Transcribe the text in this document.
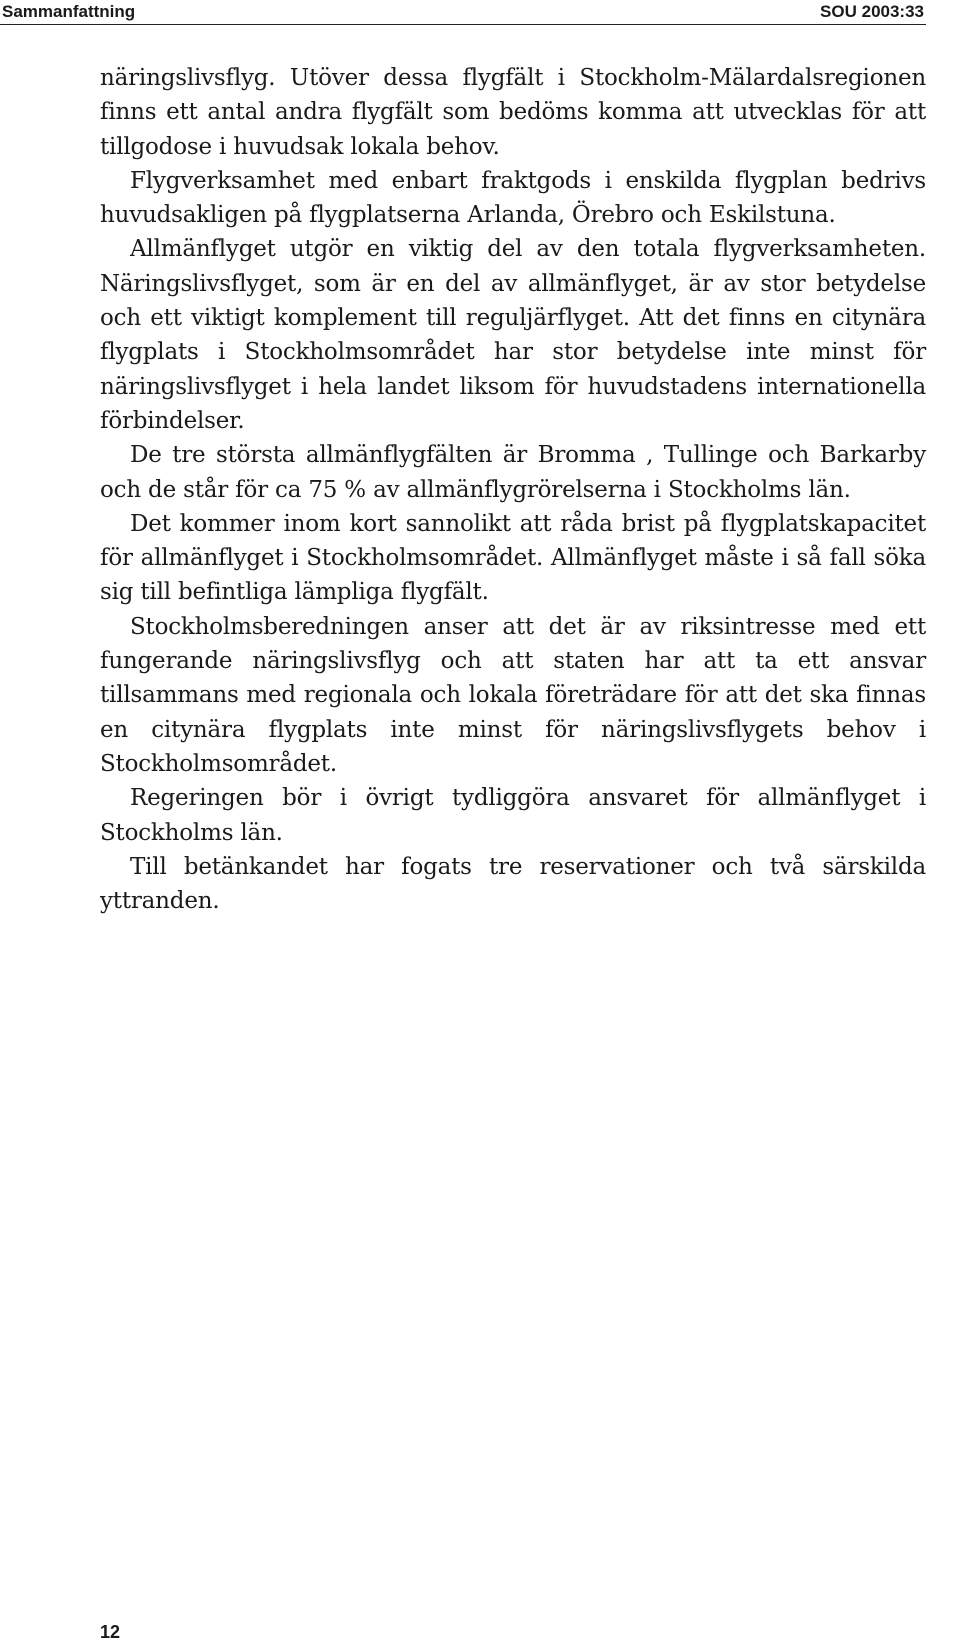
Sammanfattning	SOU 2003:33

näringslivsflyg. Utöver dessa flygfält i Stockholm-Mälardalsregionen finns ett antal andra flygfält som bedöms komma att utvecklas för att tillgodose i huvudsak lokala behov.

Flygverksamhet med enbart fraktgods i enskilda flygplan bedrivs huvudsakligen på flygplatserna Arlanda, Örebro och Eskilstuna.

Allmänflyget utgör en viktig del av den totala flygverksamheten. Näringslivsflyget, som är en del av allmänflyget, är av stor betydelse och ett viktigt komplement till reguljärflyget. Att det finns en citynära flygplats i Stockholmsområdet har stor betydelse inte minst för näringslivsflyget i hela landet liksom för huvudstadens internationella förbindelser.

De tre största allmänflygfälten är Bromma , Tullinge och Barkarby och de står för ca 75 % av allmänflygrörelserna i Stockholms län.

Det kommer inom kort sannolikt att råda brist på flygplatskapacitet för allmänflyget i Stockholmsområdet. Allmänflyget måste i så fall söka sig till befintliga lämpliga flygfält.

Stockholmsberedningen anser att det är av riksintresse med ett fungerande näringslivsflyg och att staten har att ta ett ansvar tillsammans med regionala och lokala företrädare för att det ska finnas en citynära flygplats inte minst för näringslivsflygets behov i Stockholmsområdet.

Regeringen bör i övrigt tydliggöra ansvaret för allmänflyget i Stockholms län.

Till betänkandet har fogats tre reservationer och två särskilda yttranden.

12
